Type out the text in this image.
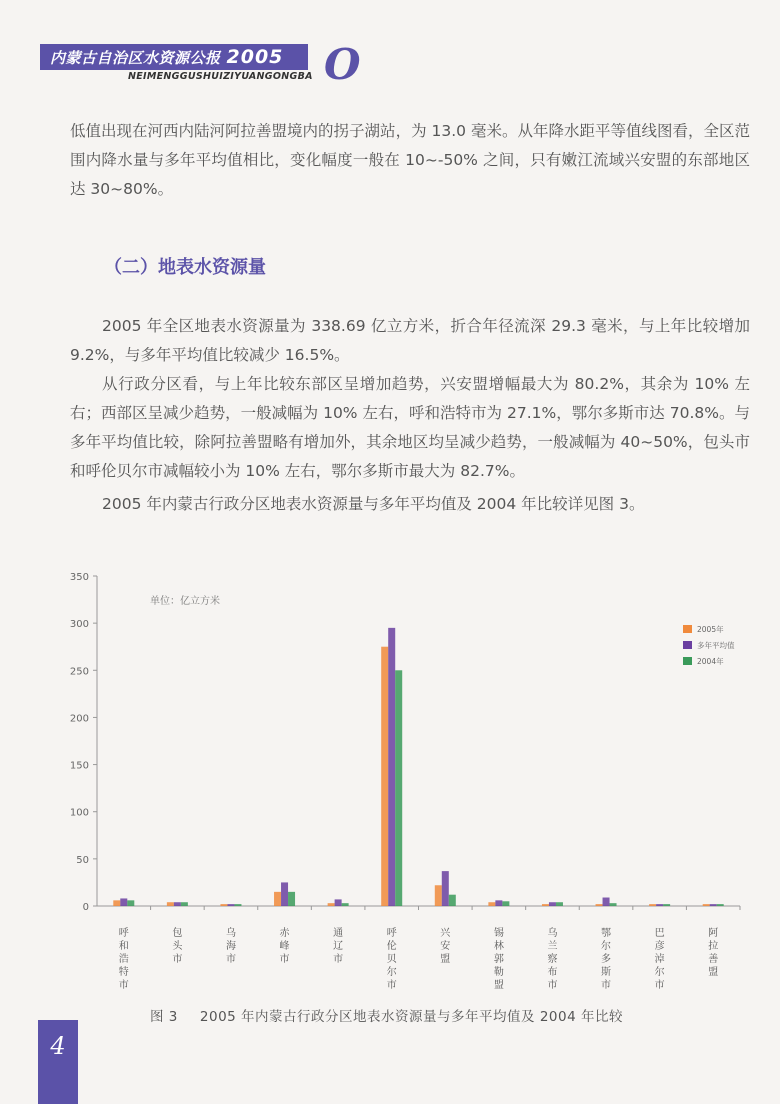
内蒙古自治区水资源公报 2005
NEIMENGGUSHUIZIYUANGONGBA O
低值出现在河西内陆河阿拉善盟境内的拐子湖站，为 13.0 毫米。从年降水距平等值线图看，全区范围内降水量与多年平均值相比，变化幅度一般在 10~-50% 之间，只有嫩江流域兴安盟的东部地区达 30~80%。
（二）地表水资源量
2005 年全区地表水资源量为 338.69 亿立方米，折合年径流深 29.3 毫米，与上年比较增加 9.2%，与多年平均值比较减少 16.5%。
从行政分区看，与上年比较东部区呈增加趋势，兴安盟增幅最大为 80.2%，其余为 10% 左右；西部区呈减少趋势，一般减幅为 10% 左右，呼和浩特市为 27.1%，鄂尔多斯市达 70.8%。与多年平均值比较，除阿拉善盟略有增加外，其余地区均呈减少趋势，一般减幅为 40~50%，包头市和呼伦贝尔市减幅较小为 10% 左右，鄂尔多斯市最大为 82.7%。
2005 年内蒙古行政分区地表水资源量与多年平均值及 2004 年比较详见图 3。
0
50
100
150
200
250
300
350
单位：亿立方米
呼和浩特市
包头市
乌海市
赤峰市
通辽市
呼伦贝尔市
兴安盟
锡林郭勒盟
乌兰察布市
鄂尔多斯市
巴彦淖尔市
阿拉善盟
2005年
多年平均值
2004年
图 3 2005 年内蒙古行政分区地表水资源量与多年平均值及 2004 年比较
4
